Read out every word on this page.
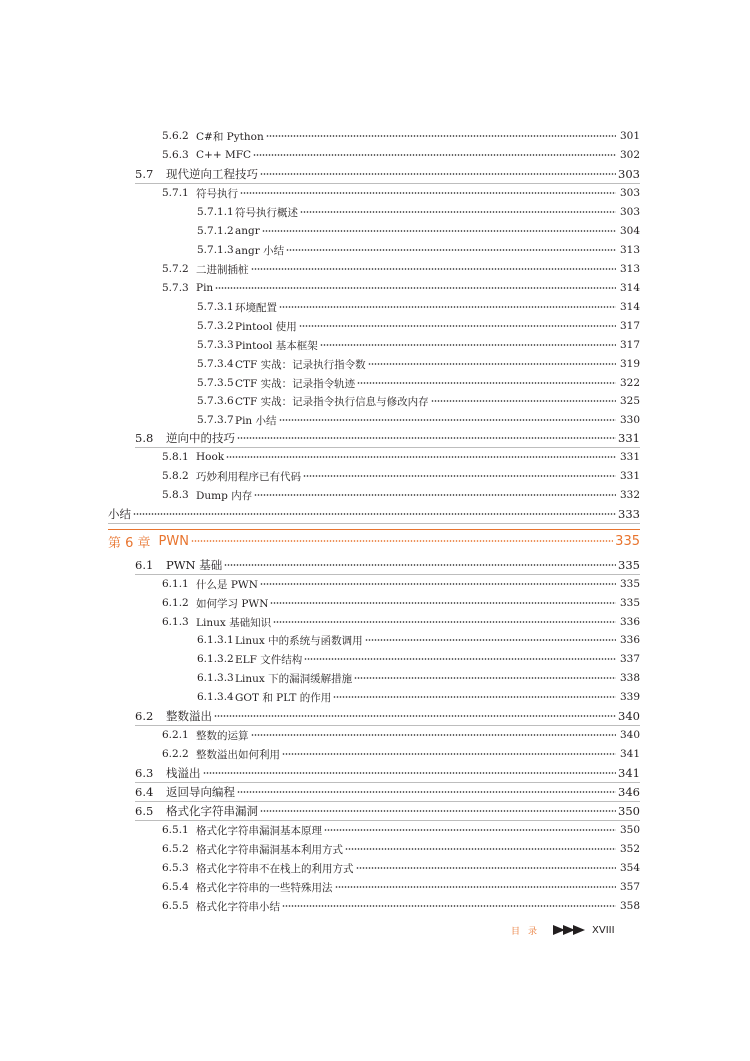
5.6.2 C#和 Python	301
5.6.3 C++ MFC	302
5.7	现代逆向工程技巧	303
5.7.1 符号执行	303
5.7.1.1 符号执行概述	303
5.7.1.2 angr	304
5.7.1.3 angr 小结	313
5.7.2 二进制插桩	313
5.7.3 Pin	314
5.7.3.1 环境配置	314
5.7.3.2 Pintool 使用	317
5.7.3.3 Pintool 基本框架	317
5.7.3.4 CTF 实战：记录执行指令数	319
5.7.3.5 CTF 实战：记录指令轨迹	322
5.7.3.6 CTF 实战：记录指令执行信息与修改内存	325
5.7.3.7 Pin 小结	330
5.8	逆向中的技巧	331
5.8.1 Hook	331
5.8.2 巧妙利用程序已有代码	331
5.8.3 Dump 内存	332
小结	333
第 6 章 PWN	335
6.1	PWN 基础	335
6.1.1 什么是 PWN	335
6.1.2 如何学习 PWN	335
6.1.3 Linux 基础知识	336
6.1.3.1 Linux 中的系统与函数调用	336
6.1.3.2 ELF 文件结构	337
6.1.3.3 Linux 下的漏洞缓解措施	338
6.1.3.4 GOT 和 PLT 的作用	339
6.2	整数溢出	340
6.2.1 整数的运算	340
6.2.2 整数溢出如何利用	341
6.3	栈溢出	341
6.4	返回导向编程	346
6.5	格式化字符串漏洞	350
6.5.1 格式化字符串漏洞基本原理	350
6.5.2 格式化字符串漏洞基本利用方式	352
6.5.3 格式化字符串不在栈上的利用方式	354
6.5.4 格式化字符串的一些特殊用法	357
6.5.5 格式化字符串小结	358
目录	XVIII
